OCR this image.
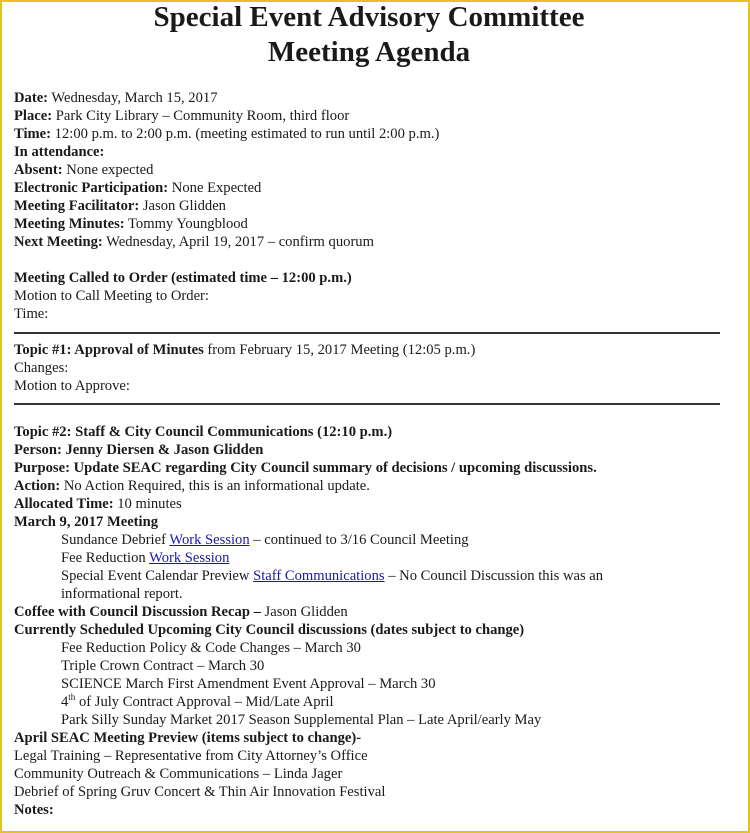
Special Event Advisory Committee
Meeting Agenda
Date: Wednesday, March 15, 2017
Place: Park City Library – Community Room, third floor
Time: 12:00 p.m. to 2:00 p.m. (meeting estimated to run until 2:00 p.m.)
In attendance:
Absent: None expected
Electronic Participation: None Expected
Meeting Facilitator: Jason Glidden
Meeting Minutes: Tommy Youngblood
Next Meeting: Wednesday, April 19, 2017 – confirm quorum
Meeting Called to Order (estimated time – 12:00 p.m.)
Motion to Call Meeting to Order:
Time:
Topic #1: Approval of Minutes from February 15, 2017 Meeting (12:05 p.m.)
Changes:
Motion to Approve:
Topic #2: Staff & City Council Communications (12:10 p.m.)
Person: Jenny Diersen & Jason Glidden
Purpose: Update SEAC regarding City Council summary of decisions / upcoming discussions.
Action: No Action Required, this is an informational update.
Allocated Time: 10 minutes
March 9, 2017 Meeting
Sundance Debrief Work Session – continued to 3/16 Council Meeting
Fee Reduction Work Session
Special Event Calendar Preview Staff Communications – No Council Discussion this was an
informational report.
Coffee with Council Discussion Recap – Jason Glidden
Currently Scheduled Upcoming City Council discussions (dates subject to change)
Fee Reduction Policy & Code Changes – March 30
Triple Crown Contract – March 30
SCIENCE March First Amendment Event Approval – March 30
4th of July Contract Approval – Mid/Late April
Park Silly Sunday Market 2017 Season Supplemental Plan – Late April/early May
April SEAC Meeting Preview (items subject to change)-
Legal Training – Representative from City Attorney’s Office
Community Outreach & Communications – Linda Jager
Debrief of Spring Gruv Concert & Thin Air Innovation Festival
Notes:
